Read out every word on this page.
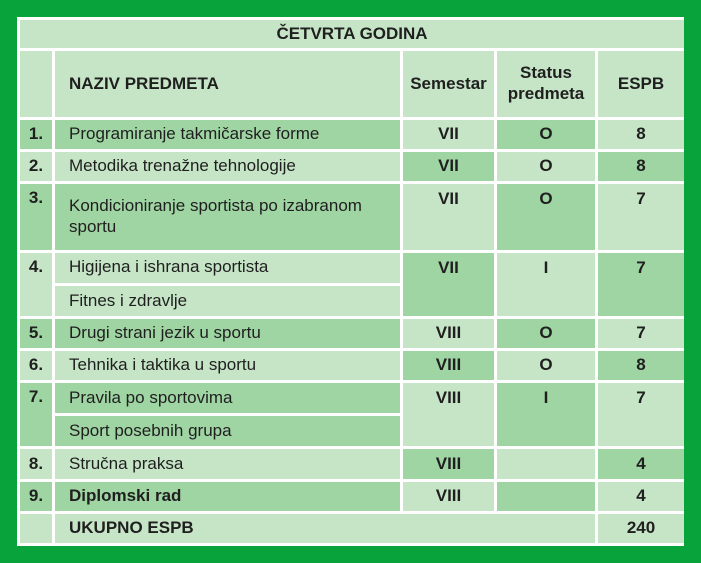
ČETVRTA GODINA				
	NAZIV PREDMETA	Semestar	Status predmeta	ESPB
1.	Programiranje takmičarske forme	VII	O	8
2.	Metodika trenažne tehnologije	VII	O	8
3.	Kondicioniranje sportista po izabranom sportu	VII	O	7
4.	Higijena i ishrana sportista	VII	I	7
	Fitnes i zdravlje			
5.	Drugi strani jezik u sportu	VIII	O	7
6.	Tehnika i taktika u sportu	VIII	O	8
7.	Pravila po sportovima	VIII	I	7
	Sport posebnih grupa			
8.	Stručna praksa	VIII		4
9.	Diplomski rad	VIII		4
	UKUPNO ESPB			240
